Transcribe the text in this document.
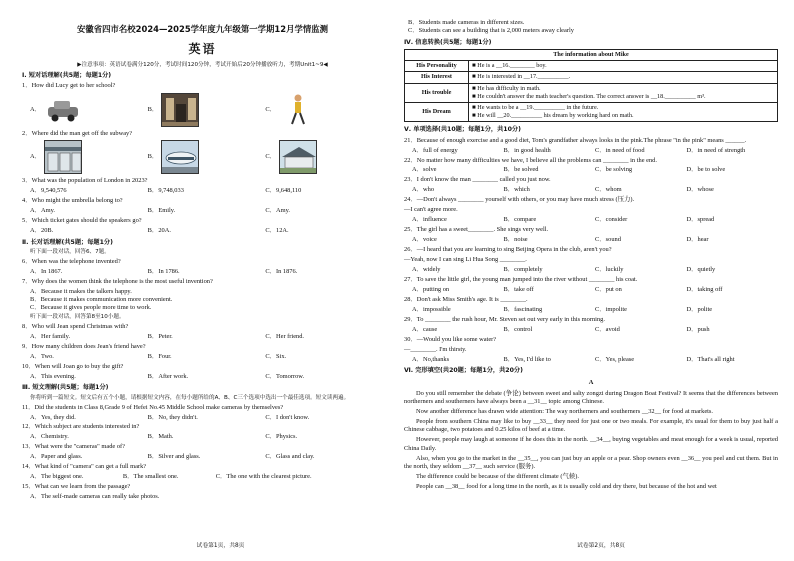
安徽省四市名校2024—2025学年度九年级第一学期12月学情监测
英语
▶注意事项：英语试卷满分120分，考试时间120分钟，考试开始后20分钟播放听力，考期Unit1~9◀
Ⅰ. 短对话理解(共5题；每题1分)
1．How did Lucy get to her school?
A．	B．	C．
2．Where did the man get off the subway?
A．	B．	C．
3．What was the population of London in 2023?
A．9,540,576	B．9,748,033	C．9,648,110
4．Who might the umbrella belong to?
A．Amy.	B．Emily.	C．Amy.
5．Which ticket gates should the speakers go?
A．20B.	B．20A.	C．12A.
Ⅱ. 长对话理解(共5题；每题1分)
听下面一段对话，回答6、7题。
6．When was the telephone invented?
A．In 1867.	B．In 1786.	C．In 1876.
7．Why does the women think the telephone is the most useful invention?
A．Because it makes the talkers happy.
B．Because it makes communication more convenient.
C．Because it gives people more time to work.
听下面一段对话，回答第8至10小题。
8．Who will Jean spend Christmas with?
A．Her family.	B．Peter.	C．Her friend.
9．How many children does Jean's friend have?
A．Two.	B．Four.	C．Six.
10．When will Joan go to buy the gift?
A．This evening.	B．After work.	C．Tomorrow.
Ⅲ. 短文理解(共5题；每题1分)
你将听到一篇短文。短文后有五个小题，请根据短文内容，在每小题所给的A、B、C三个选项中选出一个最佳选项。短文读两遍。
11．Did the students in Class 8,Grade 9 of Hefei No.45 Middle School make cameras by themselves?
A．Yes, they did.	B．No, they didn't.	C．I don't know.
12．Which subject are students interested in?
A．Chemistry.	B．Math.	C．Physics.
13．What were the "cameras" made of?
A．Paper and glass.	B．Silver and glass.	C．Glass and clay.
14．What kind of "camera" can get a full mark?
A．The biggest one.	B．The smallest one.	C．The one with the clearest picture.
15．What can we learn from the passage?
A．The self-made cameras can really take photos.
试卷第1页，共8页
B．Students made cameras in different sizes.
C．Students can see a building that is 2,000 meters away clearly
Ⅳ. 信息转换(共5题；每题1分)
The information about Mike	
His Personality	■ He is a __16.________ boy.
His Interest	■ He is interested in __17.__________.
His trouble	■ He has difficulty in math.
■ He couldn't answer the math teacher's question. The correct answer is __18.__________ m³.

His Dream	■ He wants to be a __19.__________ in the future.
■ He will __20.__________ his dream by working hard on math.
Ⅴ. 单项选择(共10题；每题1分，共10分)
21．Because of enough exercise and a good diet, Tom's grandfather always looks in the pink.The phrase "in the pink" means ______.
A．full of energy	B．in good health	C．in need of food	D．in need of strength
22．No matter how many difficulties we have, I believe all the problems can ________ in the end.
A．solve	B．be solved	C．be solving	D．be to solve
23．I don't know the man ________ called you just now.
A．who	B．which	C．whom	D．whose
24．—Don't always ________ yourself with others, or you may have much stress (压力).
—I can't agree more.
A．influence	B．compare	C．consider	D．spread
25．The girl has a sweet________. She sings very well.
A．voice	B．noise	C．sound	D．hear
26．—I heard that you are learning to sing Beijing Opera in the club, aren't you?
—Yeah, now I can sing Li Hua Song ________.
A．widely	B．completely	C．luckily	D．quietly
27．To save the little girl, the young man jumped into the river without ________ his coat.
A．putting on	B．take off	C．put on	D．taking off
28．Don't ask Miss Smith's age. It is ________.
A．impossible	B．fascinating	C．impolite	D．polite
29．To ________ the rush hour, Mr. Steven set out very early in this morning.
A．cause	B．control	C．avoid	D．push
30．—Would you like some water?
—________. I'm thirsty.
A．No,thanks	B．Yes, I'd like to	C．Yes, please	D．That's all right
Ⅵ. 完形填空(共20题；每题1分，共20分)
A
Do you still remember the debate (争论) between sweet and salty zongzi during Dragon Boat Festival? It seems that the differences between northerners and southerners have always been a __31__ topic among Chinese.
Now another difference has drawn wide attention: The way northerners and southerners __32__ for food at markets.
People from southern China may like to buy __33__ they need for just one or two meals. For example, it's usual for them to buy just half a Chinese cabbage, two potatoes and 0.25 kilos of beef at a time.
However, people may laugh at someone if he does this in the north. __34__, buying vegetables and meat enough for a week is usual, reported China Daily.
Also, when you go to the market in the __35__, you can just buy an apple or a pear. Shop owners even __36__ you peel and cut them. But in the north, they seldom __37__ such service (服务).
The difference could be because of the different climate (气候).
People can __38__ food for a long time in the north, as it is usually cold and dry there, but because of the hot and wet
试卷第2页，共8页
